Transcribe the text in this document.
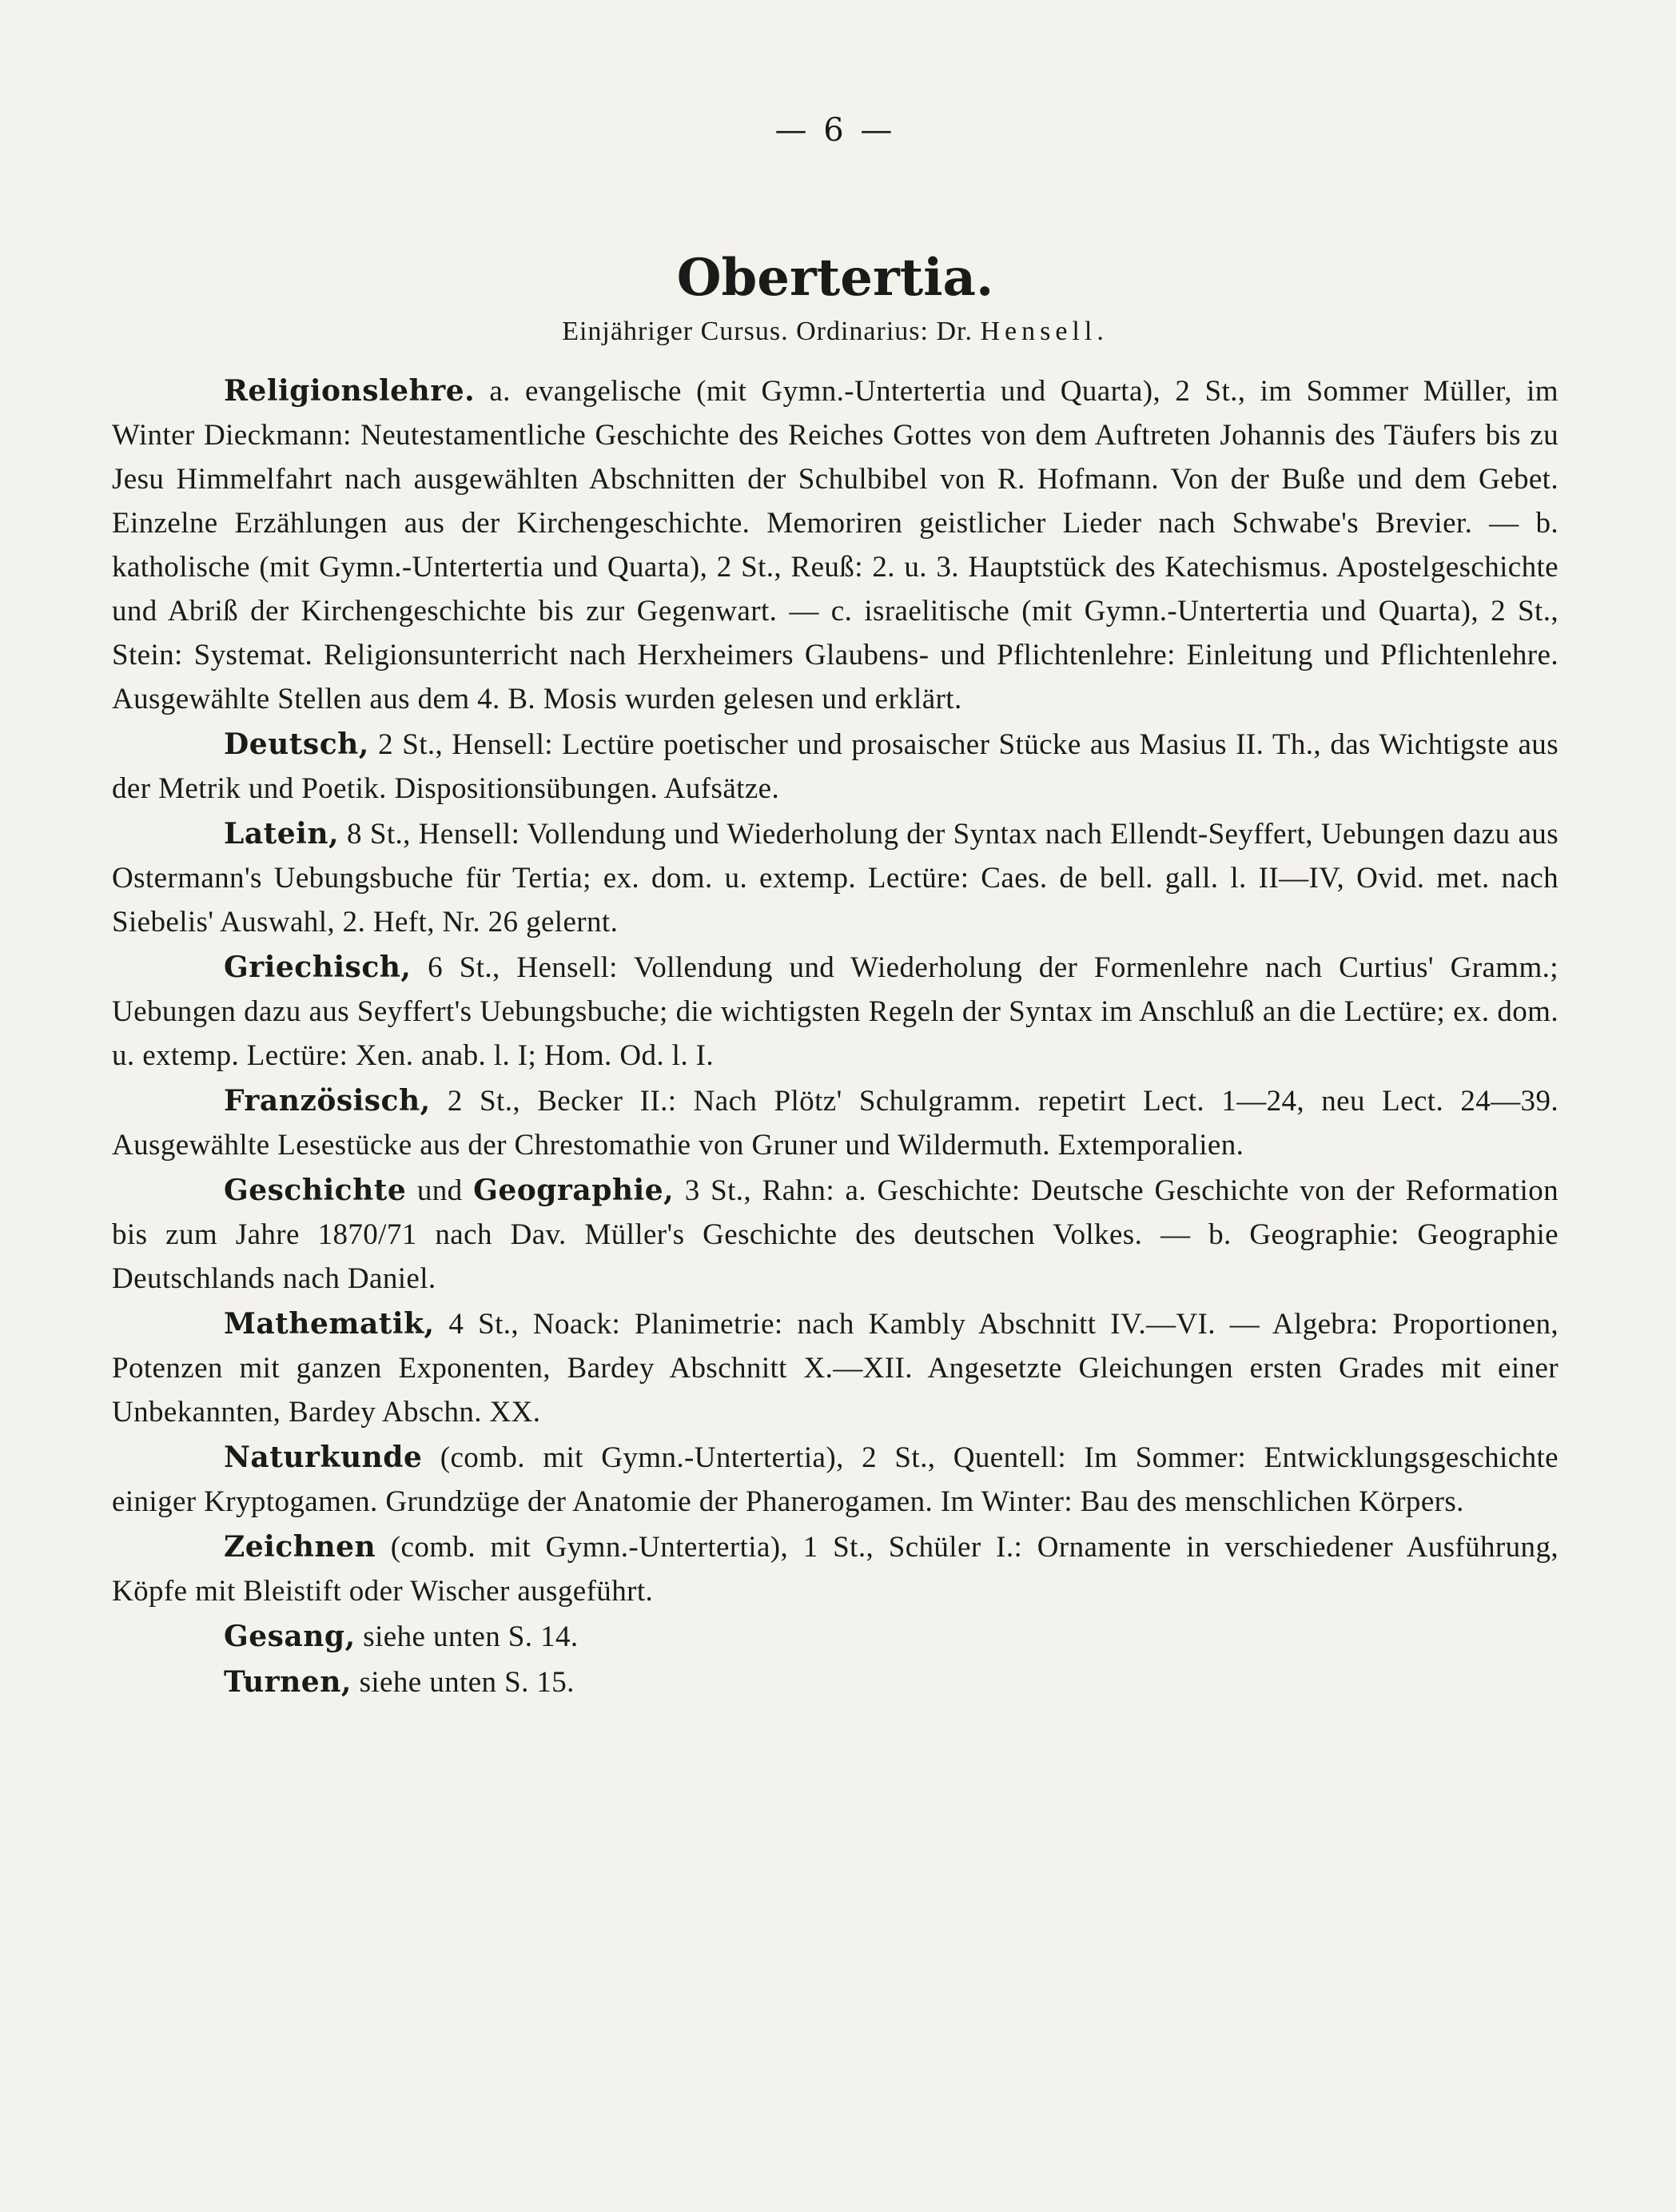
— 6 —
Obertertia.
Einjähriger Cursus. Ordinarius: Dr. Hensell.

Religionslehre. a. evangelische (mit Gymn.-Untertertia und Quarta), 2 St., im Sommer Müller, im Winter Dieckmann: Neutestamentliche Geschichte des Reiches Gottes von dem Auftreten Johannis des Täufers bis zu Jesu Himmelfahrt nach ausgewählten Abschnitten der Schulbibel von R. Hofmann. Von der Buße und dem Gebet. Einzelne Erzählungen aus der Kirchengeschichte. Memoriren geistlicher Lieder nach Schwabe's Brevier. — b. katholische (mit Gymn.-Untertertia und Quarta), 2 St., Reuß: 2. u. 3. Hauptstück des Katechismus. Apostelgeschichte und Abriß der Kirchengeschichte bis zur Gegenwart. — c. israelitische (mit Gymn.-Untertertia und Quarta), 2 St., Stein: Systemat. Religionsunterricht nach Herxheimers Glaubens- und Pflichtenlehre: Einleitung und Pflichtenlehre. Ausgewählte Stellen aus dem 4. B. Mosis wurden gelesen und erklärt.

Deutsch, 2 St., Hensell: Lectüre poetischer und prosaischer Stücke aus Masius II. Th., das Wichtigste aus der Metrik und Poetik. Dispositionsübungen. Aufsätze.

Latein, 8 St., Hensell: Vollendung und Wiederholung der Syntax nach Ellendt-Seyffert, Uebungen dazu aus Ostermann's Uebungsbuche für Tertia; ex. dom. u. extemp. Lectüre: Caes. de bell. gall. l. II—IV, Ovid. met. nach Siebelis' Auswahl, 2. Heft, Nr. 26 gelernt.

Griechisch, 6 St., Hensell: Vollendung und Wiederholung der Formenlehre nach Curtius' Gramm.; Uebungen dazu aus Seyffert's Uebungsbuche; die wichtigsten Regeln der Syntax im Anschluß an die Lectüre; ex. dom. u. extemp. Lectüre: Xen. anab. l. I; Hom. Od. l. I.

Französisch, 2 St., Becker II.: Nach Plötz' Schulgramm. repetirt Lect. 1—24, neu Lect. 24—39. Ausgewählte Lesestücke aus der Chrestomathie von Gruner und Wildermuth. Extemporalien.

Geschichte und Geographie, 3 St., Rahn: a. Geschichte: Deutsche Geschichte von der Reformation bis zum Jahre 1870/71 nach Dav. Müller's Geschichte des deutschen Volkes. — b. Geographie: Geographie Deutschlands nach Daniel.

Mathematik, 4 St., Noack: Planimetrie: nach Kambly Abschnitt IV.—VI. — Algebra: Proportionen, Potenzen mit ganzen Exponenten, Bardey Abschnitt X.—XII. Angesetzte Gleichungen ersten Grades mit einer Unbekannten, Bardey Abschn. XX.

Naturkunde (comb. mit Gymn.-Untertertia), 2 St., Quentell: Im Sommer: Entwicklungsgeschichte einiger Kryptogamen. Grundzüge der Anatomie der Phanerogamen. Im Winter: Bau des menschlichen Körpers.

Zeichnen (comb. mit Gymn.-Untertertia), 1 St., Schüler I.: Ornamente in verschiedener Ausführung, Köpfe mit Bleistift oder Wischer ausgeführt.

Gesang, siehe unten S. 14.

Turnen, siehe unten S. 15.
